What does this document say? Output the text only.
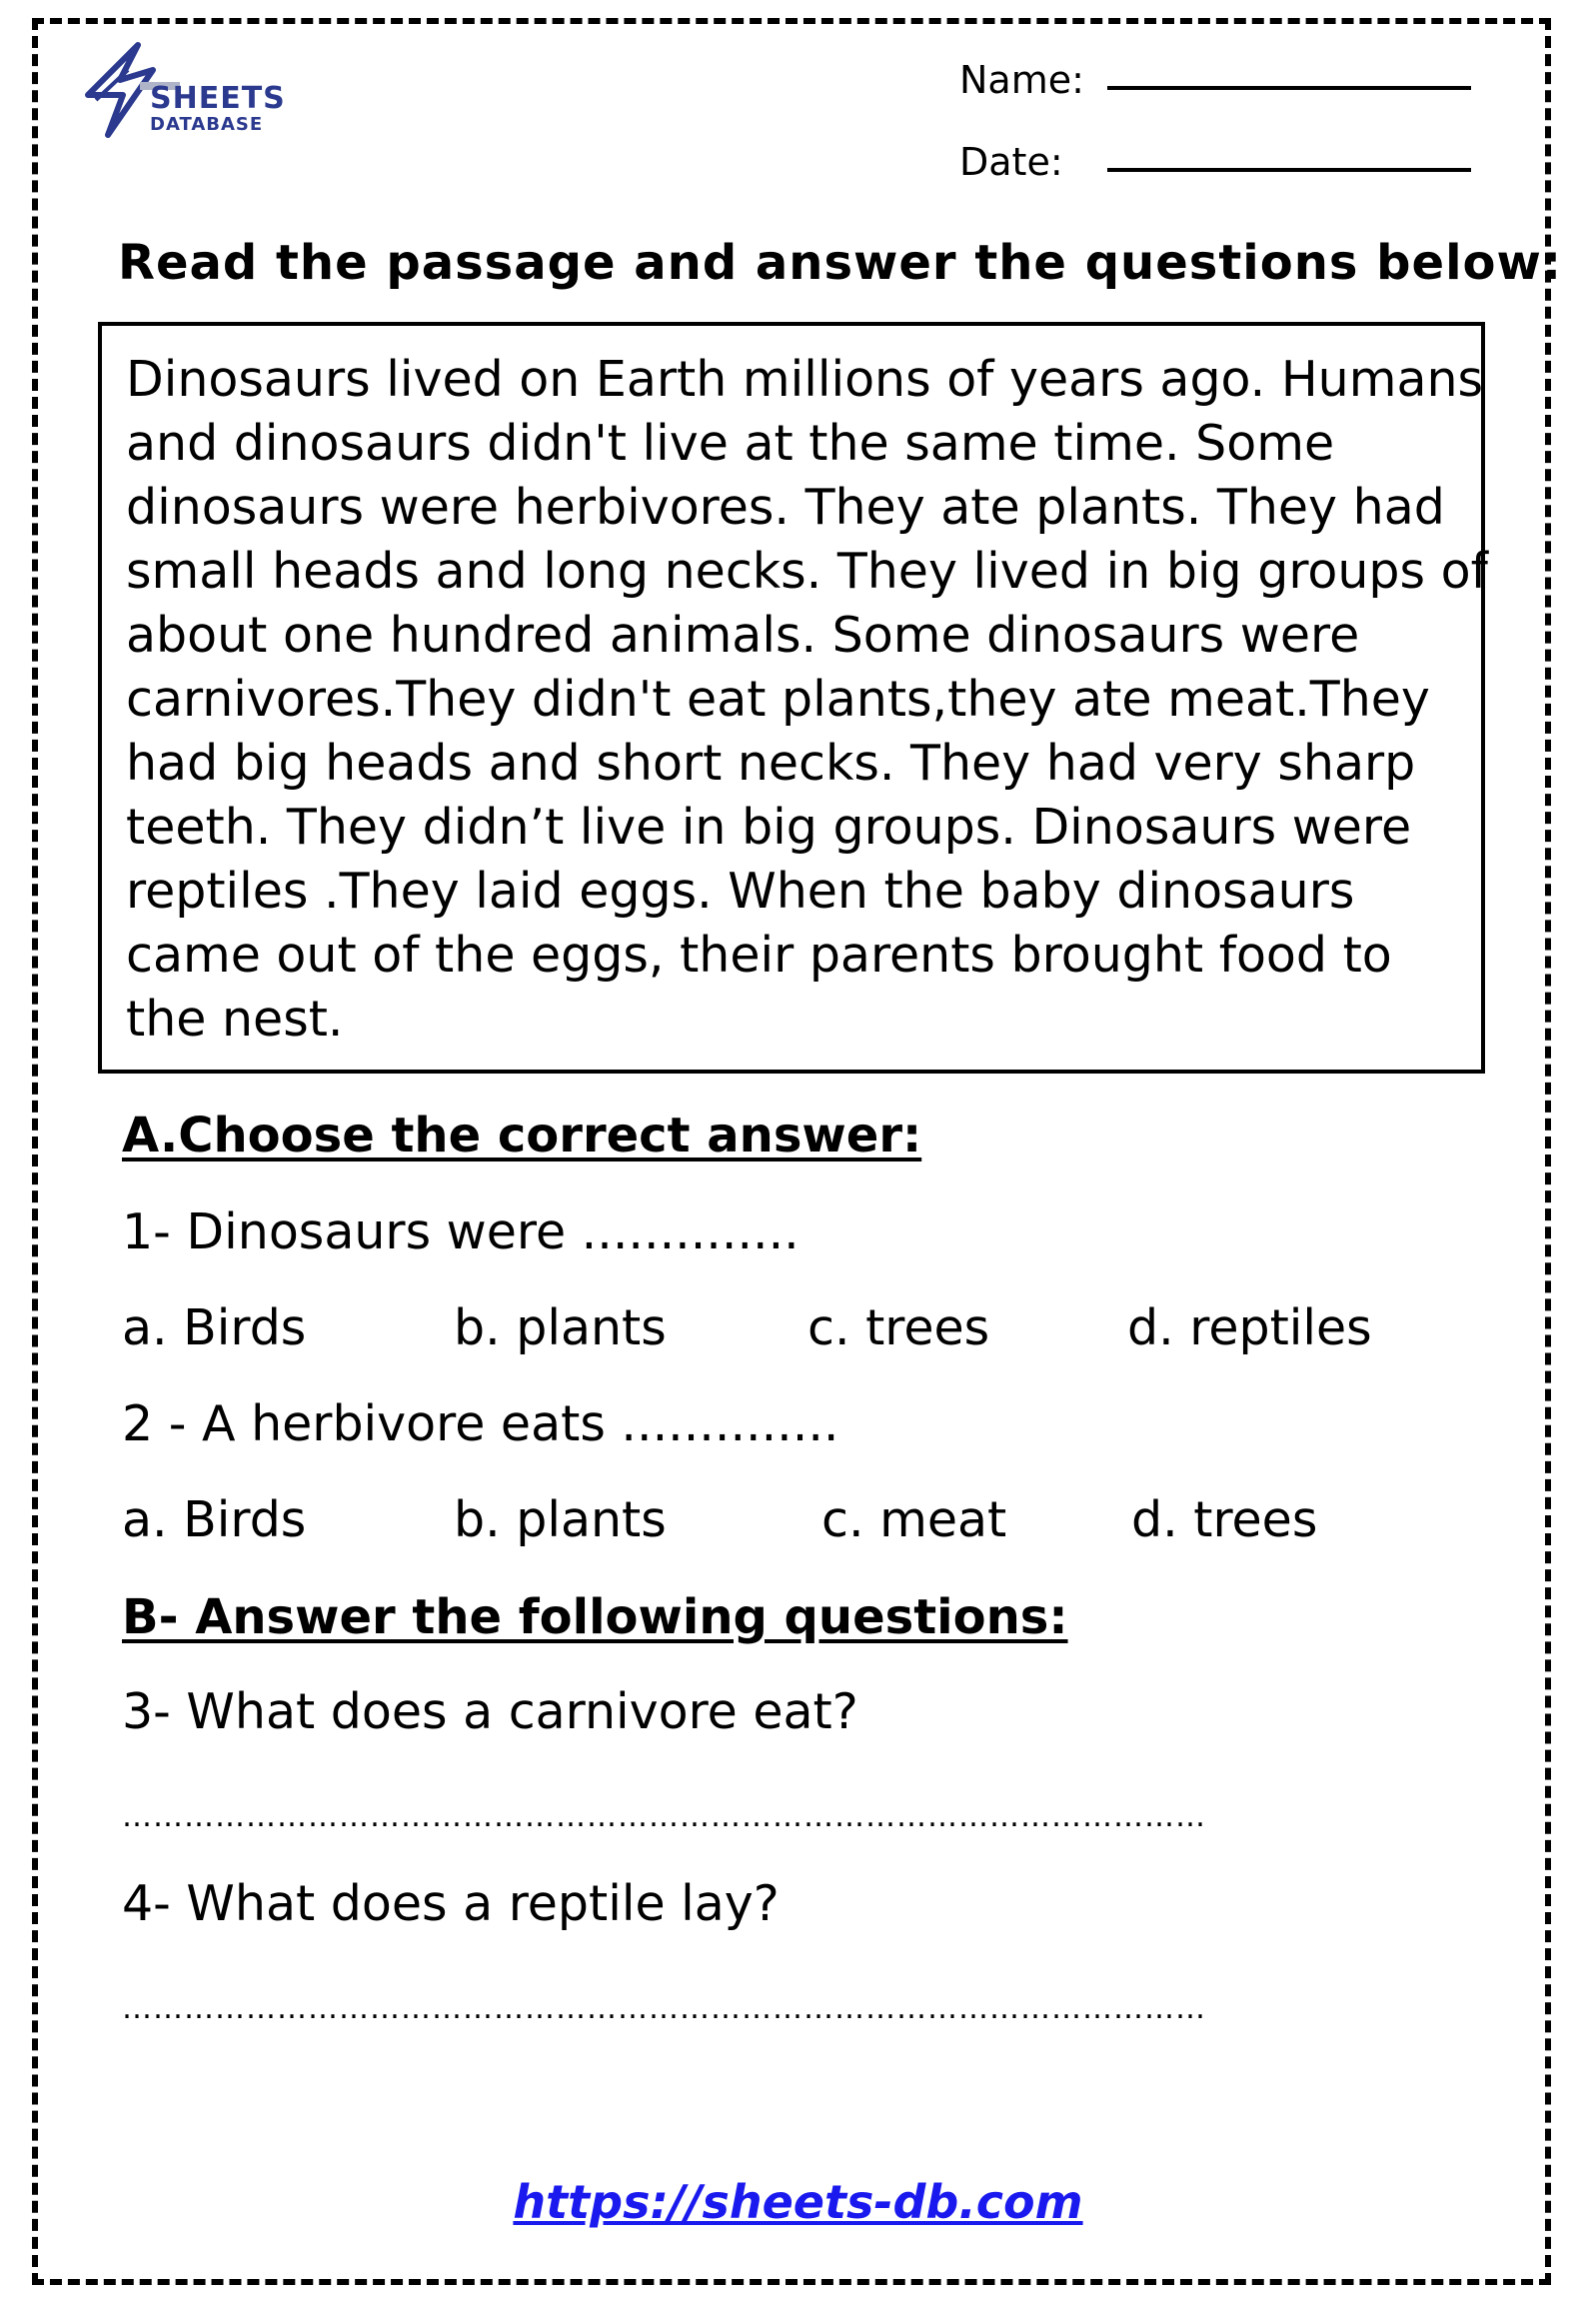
SHEETS
DATABASE
Name:
Date:
Read the passage and answer the questions below:
Dinosaurs lived on Earth millions of years ago. Humans
and dinosaurs didn't live at the same time. Some
dinosaurs were herbivores. They ate plants. They had
small heads and long necks. They lived in big groups of
about one hundred animals. Some dinosaurs were
carnivores.They didn't eat plants,they ate meat.They
had big heads and short necks. They had very sharp
teeth. They didn’t live in big groups. Dinosaurs were
reptiles .They laid eggs. When the baby dinosaurs
came out of the eggs, their parents brought food to
the nest.
A.Choose the correct answer:
1- Dinosaurs were ..............
a. Birds	b. plants	c. trees	d. reptiles
2 - A herbivore eats ..............
a. Birds	b. plants	c. meat	d. trees
B- Answer the following questions:
3- What does a carnivore eat?
……………………………………………………………………………………………
4- What does a reptile lay?
……………………………………………………………………………………………
https://sheets-db.com
